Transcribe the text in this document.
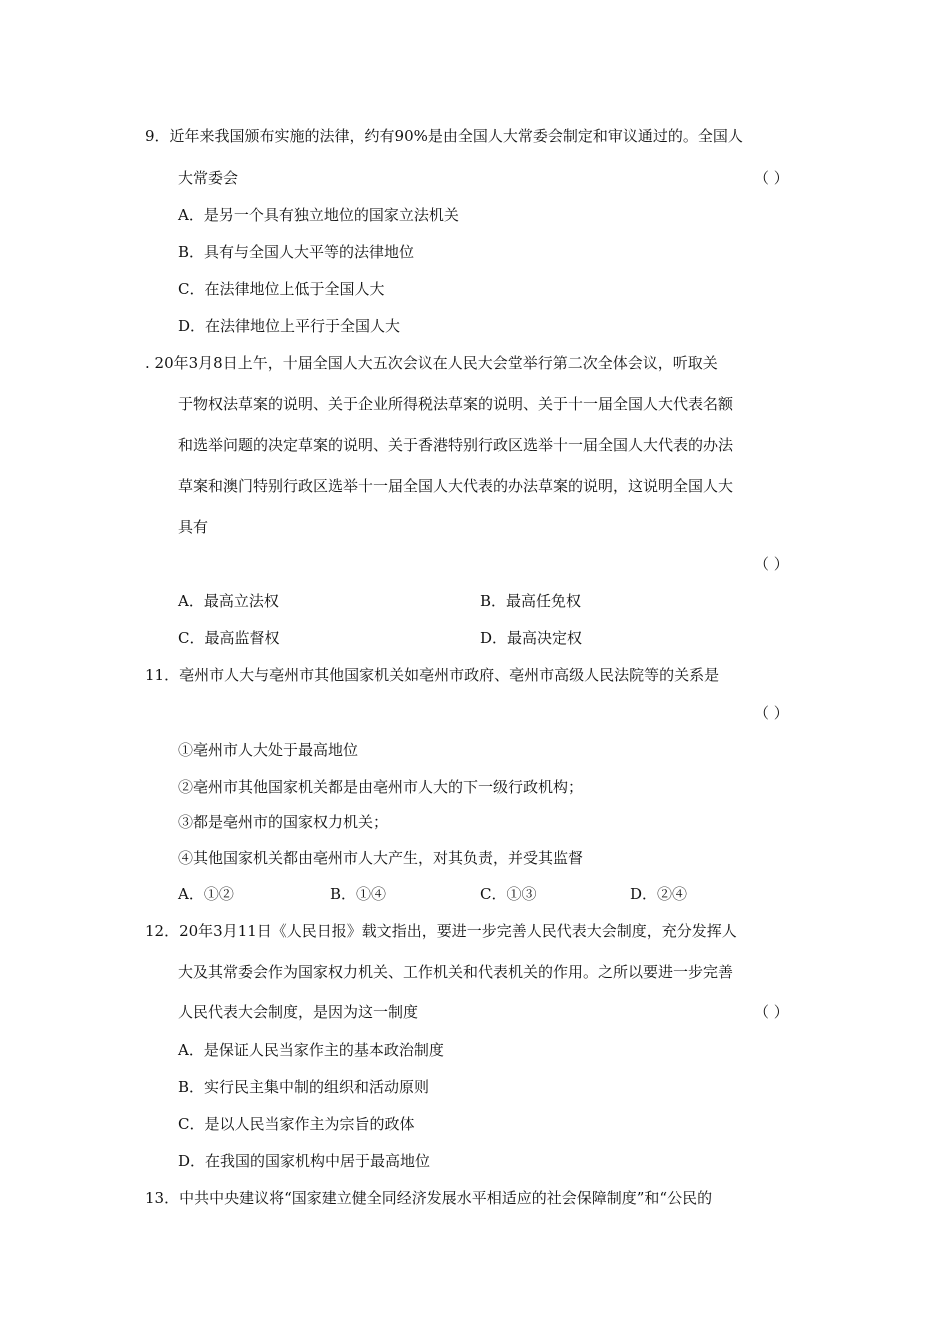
9．近年来我国颁布实施的法律，约有90%是由全国人大常委会制定和审议通过的。全国人
大常委会	（ ）
A．是另一个具有独立地位的国家立法机关
B．具有与全国人大平等的法律地位
C．在法律地位上低于全国人大
D．在法律地位上平行于全国人大
. 20年3月8日上午，十届全国人大五次会议在人民大会堂举行第二次全体会议，听取关
于物权法草案的说明、关于企业所得税法草案的说明、关于十一届全国人大代表名额
和选举问题的决定草案的说明、关于香港特别行政区选举十一届全国人大代表的办法
草案和澳门特别行政区选举十一届全国人大代表的办法草案的说明，这说明全国人大
具有
（ ）
A．最高立法权	B．最高任免权
C．最高监督权	D．最高决定权
11．亳州市人大与亳州市其他国家机关如亳州市政府、亳州市高级人民法院等的关系是
（ ）
①亳州市人大处于最高地位
②亳州市其他国家机关都是由亳州市人大的下一级行政机构；
③都是亳州市的国家权力机关；
④其他国家机关都由亳州市人大产生，对其负责，并受其监督
A．①②	B．①④	C．①③	D．②④
12．20年3月11日《人民日报》载文指出，要进一步完善人民代表大会制度，充分发挥人
大及其常委会作为国家权力机关、工作机关和代表机关的作用。之所以要进一步完善
人民代表大会制度，是因为这一制度	（ ）
A．是保证人民当家作主的基本政治制度
B．实行民主集中制的组织和活动原则
C．是以人民当家作主为宗旨的政体
D．在我国的国家机构中居于最高地位
13．中共中央建议将“国家建立健全同经济发展水平相适应的社会保障制度”和“公民的
